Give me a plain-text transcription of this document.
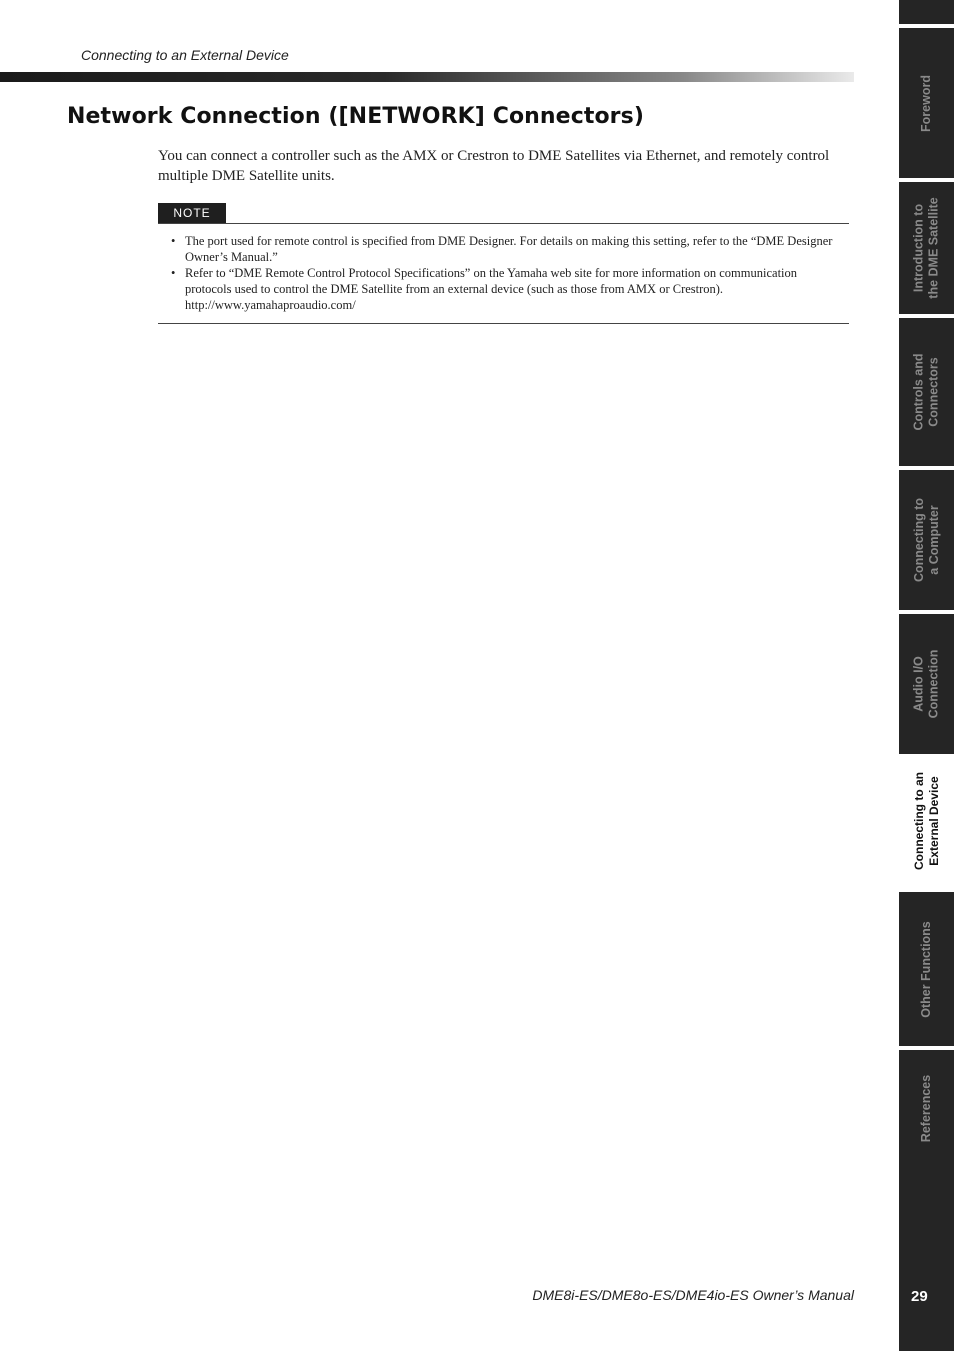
Connecting to an External Device
Network Connection ([NETWORK] Connectors)

You can connect a controller such as the AMX or Crestron to DME Satellites via Ethernet, and remotely control multiple DME Satellite units.

NOTE
• The port used for remote control is specified from DME Designer. For details on making this setting, refer to the “DME Designer Owner’s Manual.”
• Refer to “DME Remote Control Protocol Specifications” on the Yamaha web site for more information on communication protocols used to control the DME Satellite from an external device (such as those from AMX or Crestron). http://www.yamahaproaudio.com/
DME8i-ES/DME8o-ES/DME4io-ES Owner’s Manual
Foreword
Introduction to
the DME Satellite
Controls and
Connectors
Connecting to
a Computer
Audio I/O
Connection
Connecting to an
External Device
Other Functions
References
29
